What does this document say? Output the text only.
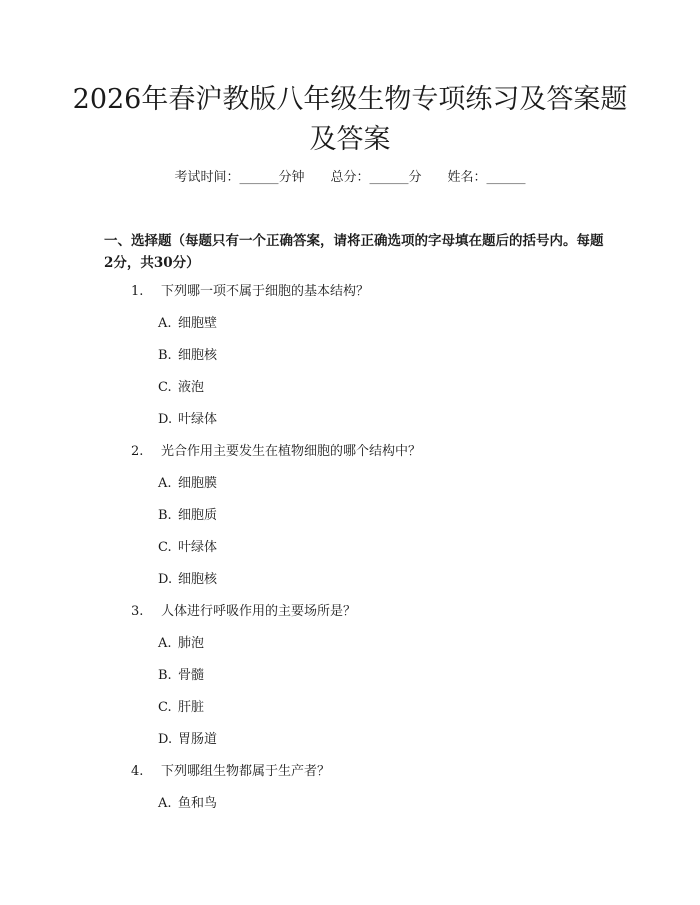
2026年春沪教版八年级生物专项练习及答案题及答案
考试时间：______分钟 总分：______分 姓名：______
一、选择题（每题只有一个正确答案，请将正确选项的字母填在题后的括号内。每题2分，共30分）
1. 下列哪一项不属于细胞的基本结构？
A. 细胞壁
B. 细胞核
C. 液泡
D. 叶绿体
2. 光合作用主要发生在植物细胞的哪个结构中？
A. 细胞膜
B. 细胞质
C. 叶绿体
D. 细胞核
3. 人体进行呼吸作用的主要场所是？
A. 肺泡
B. 骨髓
C. 肝脏
D. 胃肠道
4. 下列哪组生物都属于生产者？
A. 鱼和鸟
